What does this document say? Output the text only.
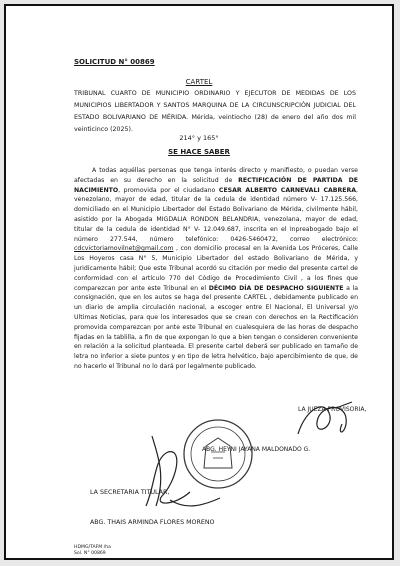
SOLICITUD N° 00869
CARTEL
TRIBUNAL CUARTO DE MUNICIPIO ORDINARIO Y EJECUTOR DE MEDIDAS DE LOS MUNICIPIOS LIBERTADOR Y SANTOS MARQUINA DE LA CIRCUNSCRIPCIÓN JUDICIAL DEL ESTADO BOLIVARIANO DE MÉRIDA. Mérida, veintiocho (28) de enero del año dos mil veinticinco (2025).
214° y 165°
SE HACE SABER
A todas aquéllas personas que tenga interés directo y manifiesto, o puedan verse afectadas en su derecho en la solicitud de RECTIFICACIÓN DE PARTIDA DE NACIMIENTO, promovida por el ciudadano CESAR ALBERTO CARNEVALI CABRERA, venezolano, mayor de edad, titular de la cedula de identidad número V- 17.125.566, domiciliado en el Municipio Libertador del Estado Bolivariano de Mérida, civilmente hábil, asistido por la Abogada MIGDALIA RONDON BELANDRIA, venezolana, mayor de edad, titular de la cedula de identidad N° V- 12.049.687, inscrita en el Inpreabogado bajo el número 277.544, número telefónico: 0426-5460472, correo electrónico: cdcvictoriamovilnet@gmail.com , con domicilio procesal en la Avenida Los Próceres, Calle Los Hoyeros casa N° 5, Municipio Libertador del estado Bolivariano de Mérida, y juridicamente hábil; Que este Tribunal acordó su citación por medio del presente cartel de conformidad con el artículo 770 del Código de Procedimiento Civil , a los fines que comparezcan por ante este Tribunal en el DÉCIMO DÍA DE DESPACHO SIGUIENTE a la consignación, que en los autos se haga del presente CARTEL , debidamente publicado en un diario de amplia circulación nacional, a escoger entre El Nacional, El Universal y/o Ultimas Noticias, para que los interesados que se crean con derechos en la Rectificación promovida comparezcan por ante este Tribunal en cualesquiera de las horas de despacho fijadas en la tablilla, a fin de que expongan lo que a bien tengan o consideren conveniente en relación a la solicitud planteada. El presente cartel deberá ser publicado en tamaño de letra no inferior a siete puntos y en tipo de letra helvético, bajo apercibimiento de que, de no hacerlo el Tribunal no lo dará por legalmente publicado.
LA JUEZA PROVISORIA,
ABG. HEYNI JAYANA MALDONADO G.
LA SECRETARIA TITULAR,
ABG. THAIS ARMINDA FLORES MORENO
HDMG/TAFM /ha
Sol. N° 00869
